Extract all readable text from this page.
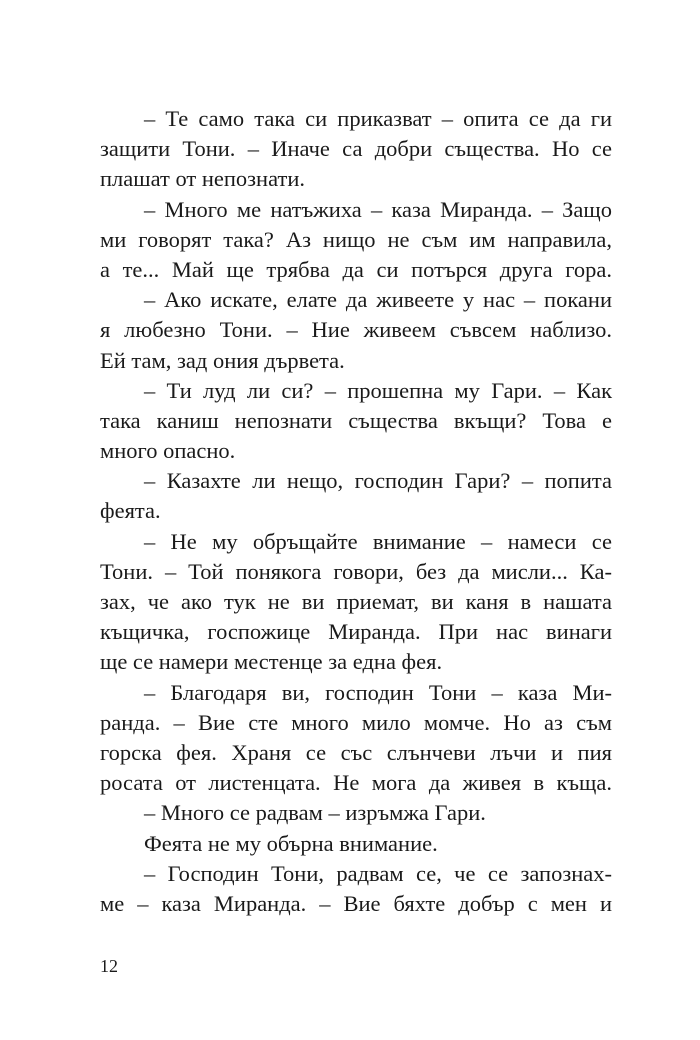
– Те само така си приказват – опита се да ги
защити Тони. – Иначе са добри същества. Но се
плашат от непознати.
– Много ме натъжиха – каза Миранда. – Защо
ми говорят така? Аз нищо не съм им направила,
а те... Май ще трябва да си потърся друга гора.
– Ако искате, елате да живеете у нас – покани
я любезно Тони. – Ние живеем съвсем наблизо.
Ей там, зад ония дървета.
– Ти луд ли си? – прошепна му Гари. – Как
така каниш непознати същества вкъщи? Това е
много опасно.
– Казахте ли нещо, господин Гари? – попита
феята.
– Не му обръщайте внимание – намеси се
Тони. – Той понякога говори, без да мисли... Ка-
зах, че ако тук не ви приемат, ви каня в нашата
къщичка, госпожице Миранда. При нас винаги
ще се намери местенце за една фея.
– Благодаря ви, господин Тони – каза Ми-
ранда. – Вие сте много мило момче. Но аз съм
горска фея. Храня се със слънчеви лъчи и пия
росата от листенцата. Не мога да живея в къща.
– Много се радвам – изръмжа Гари.
Феята не му обърна внимание.
– Господин Тони, радвам се, че се запознах-
ме – каза Миранда. – Вие бяхте добър с мен и
12
